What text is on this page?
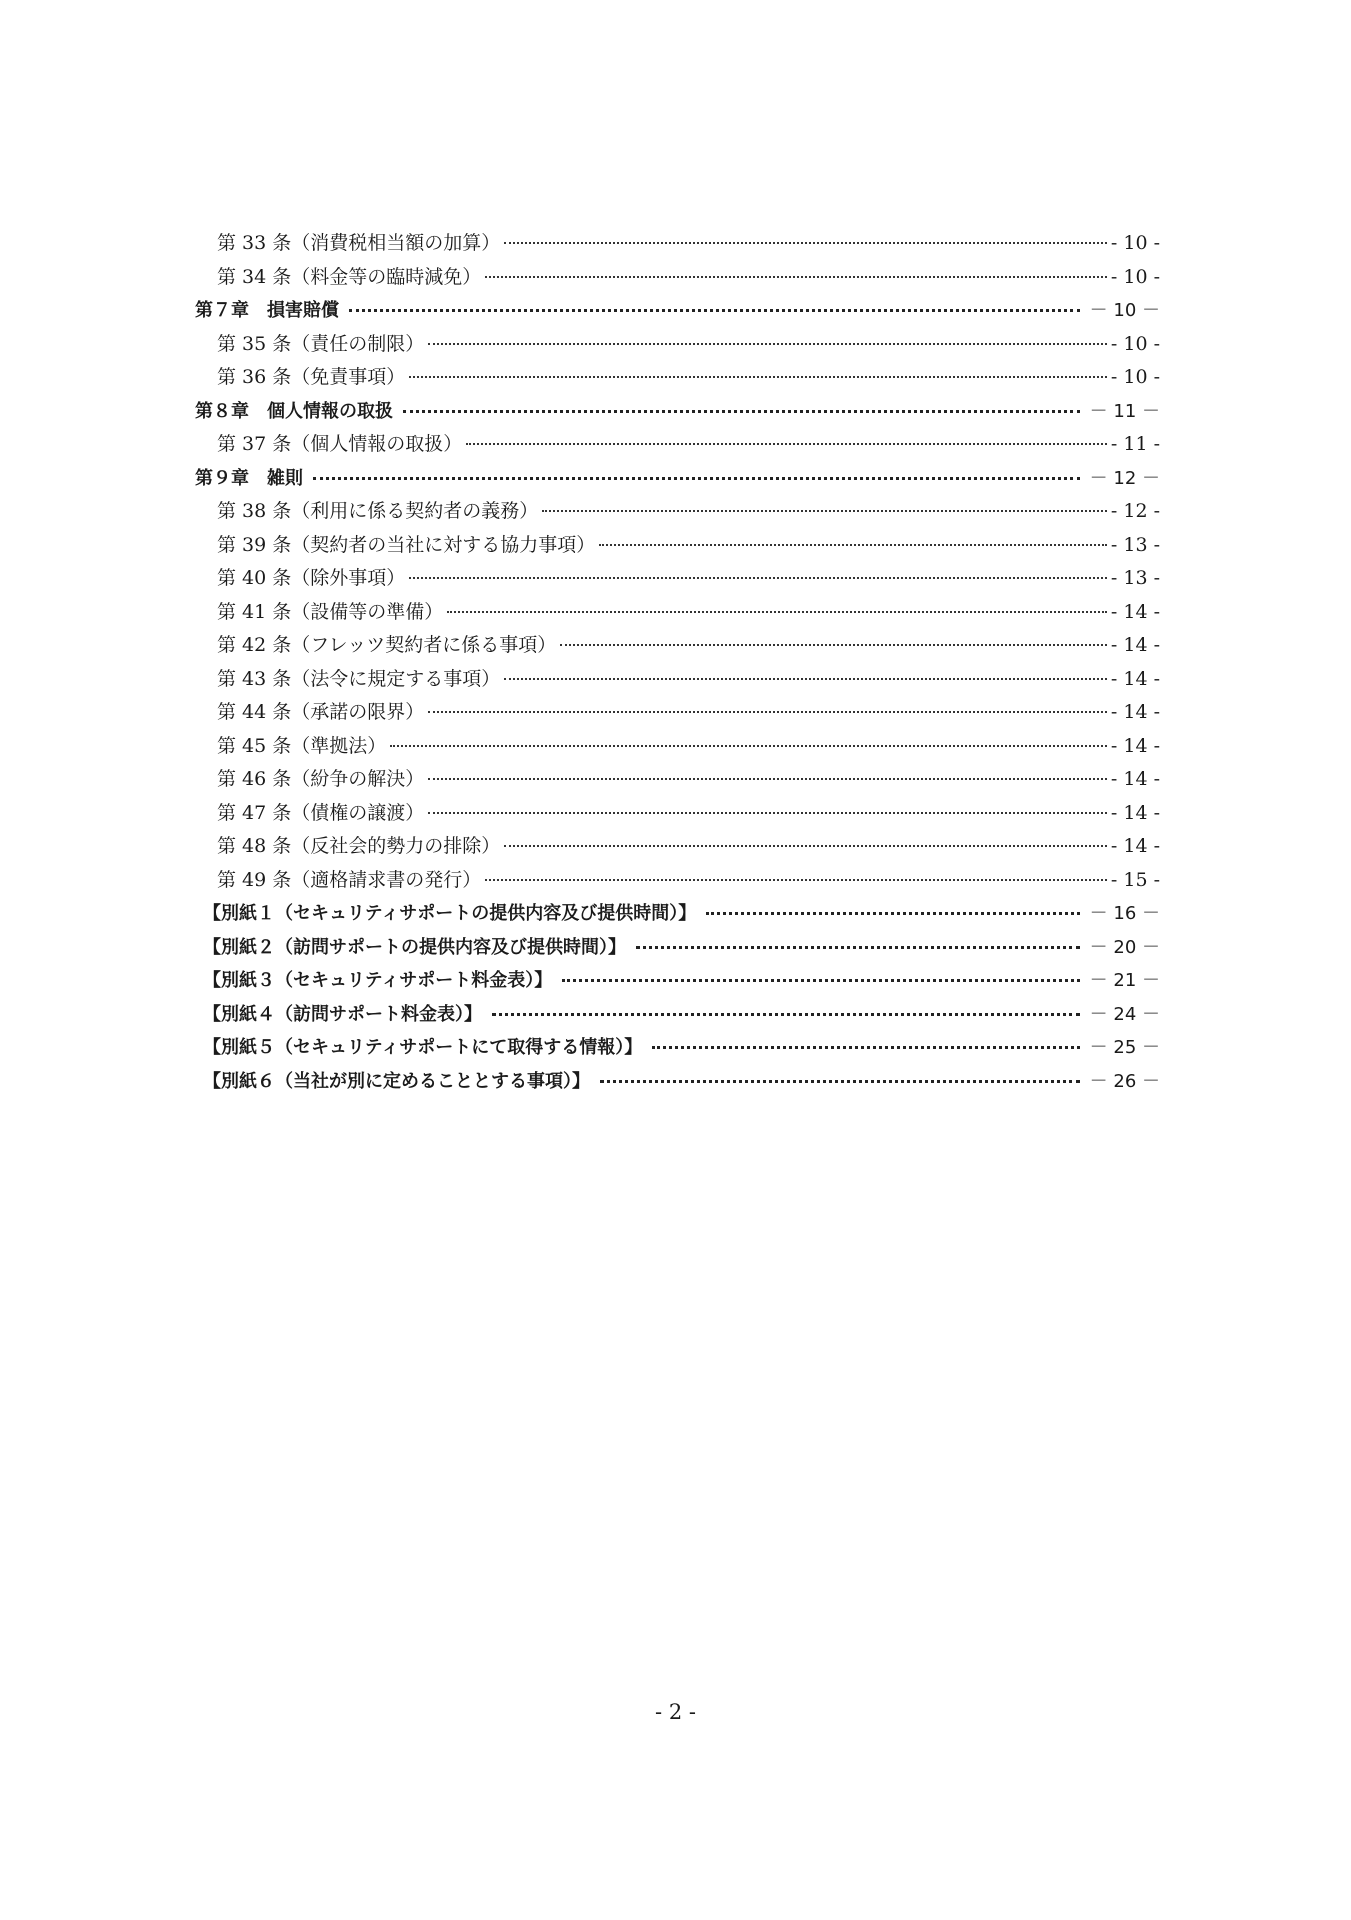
第 33 条（消費税相当額の加算）	- 10 -
第 34 条（料金等の臨時減免）	- 10 -
第７章　損害賠償	－ 10 －
第 35 条（責任の制限）	- 10 -
第 36 条（免責事項）	- 10 -
第８章　個人情報の取扱	－ 11 －
第 37 条（個人情報の取扱）	- 11 -
第９章　雑則	－ 12 －
第 38 条（利用に係る契約者の義務）	- 12 -
第 39 条（契約者の当社に対する協力事項）	- 13 -
第 40 条（除外事項）	- 13 -
第 41 条（設備等の準備）	- 14 -
第 42 条（フレッツ契約者に係る事項）	- 14 -
第 43 条（法令に規定する事項）	- 14 -
第 44 条（承諾の限界）	- 14 -
第 45 条（準拠法）	- 14 -
第 46 条（紛争の解決）	- 14 -
第 47 条（債権の譲渡）	- 14 -
第 48 条（反社会的勢力の排除）	- 14 -
第 49 条（適格請求書の発行）	- 15 -
【別紙１（セキュリティサポートの提供内容及び提供時間）】	－ 16 －
【別紙２（訪問サポートの提供内容及び提供時間）】	－ 20 －
【別紙３（セキュリティサポート料金表）】	－ 21 －
【別紙４（訪問サポート料金表）】	－ 24 －
【別紙５（セキュリティサポートにて取得する情報）】	－ 25 －
【別紙６（当社が別に定めることとする事項）】	－ 26 －
- 2 -
